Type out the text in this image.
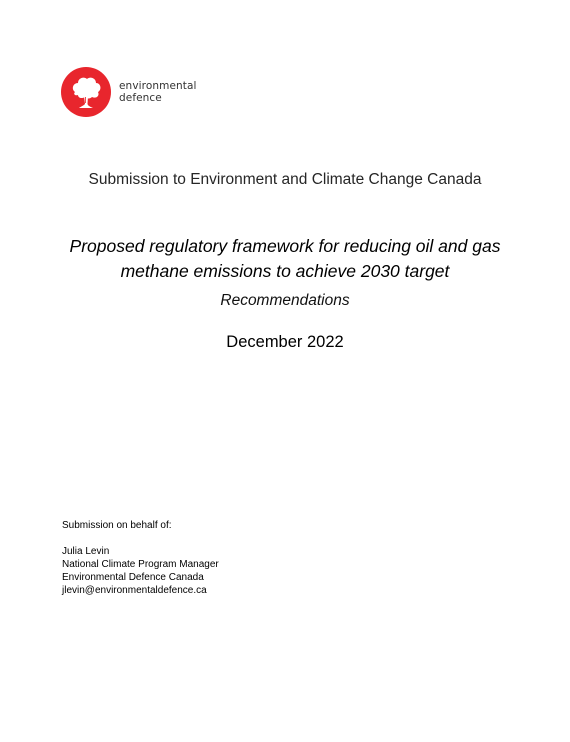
environmental
defence
Submission to Environment and Climate Change Canada
Proposed regulatory framework for reducing oil and gas
methane emissions to achieve 2030 target
Recommendations
December 2022
Submission on behalf of:
Julia Levin
National Climate Program Manager
Environmental Defence Canada
jlevin@environmentaldefence.ca
